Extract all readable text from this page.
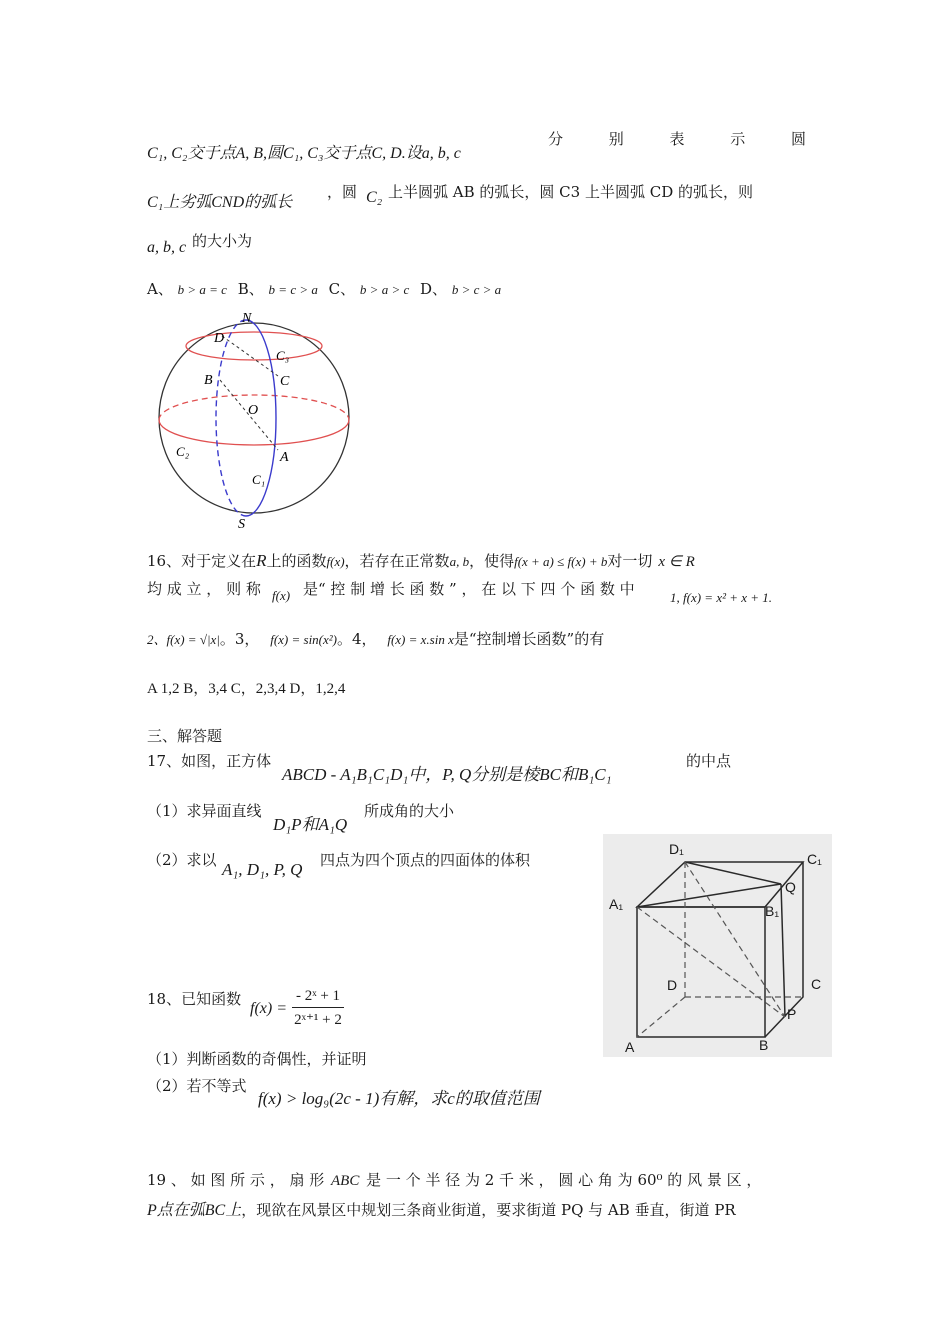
C₁, C₂交于点A, B,圆C₁, C₃交于点C, D.设a, b, c
分	别	表	示	圆
C₁上劣弧CND的弧长
，圆 C₂ 上半圆弧 AB 的弧长，圆 C3 上半圆弧 CD 的弧长，则
a, b, c 的大小为
A、 b > a = c B、 b = c > a C、 b > a > c D、 b > c > a
N
D
C₃
B	C
O
C₂	A
C₁
S
16、对于定义在R上的函数f(x)，若存在正常数a, b，使得f(x + a) ≤ f(x) + b对一切 x ∈ R
均 成 立 ， 则 称 f(x) 是“ 控 制 增 长 函 数 ” ， 在 以 下 四 个 函 数 中	1, f(x) = x² + x + 1.
2、f(x) = √|x|。3， f(x) = sin(x²)。4， f(x) = x.sin x是“控制增长函数”的有
A 1,2 B，3,4 C，2,3,4 D，1,2,4
三、解答题
17、如图，正方体
ABCD - A₁B₁C₁D₁中，P, Q分别是棱BC和B₁C₁
的中点
（1）求异面直线
D₁P和A₁Q
所成角的大小
（2）求以 A₁, D₁, P, Q 四点为四个顶点的四面体的体积
D₁
C₁
A₁
Q
B₁
D	C
P
A	B
18、已知函数
$f(x) = \frac{\text{- 2ˣ + 1}}{\text{2ˣ⁺¹ + 2}}$
（1）判断函数的奇偶性，并证明
（2）若不等式
f(x) > log₉(2c - 1)有解，求c的取值范围
19 、 如 图 所 示 ， 扇 形 ABC 是 一 个 半 径 为 2 千 米 ， 圆 心 角 为 60⁰ 的 风 景 区 ，
P点在弧BC上，现欲在风景区中规划三条商业街道，要求街道 PQ 与 AB 垂直，街道 PR
